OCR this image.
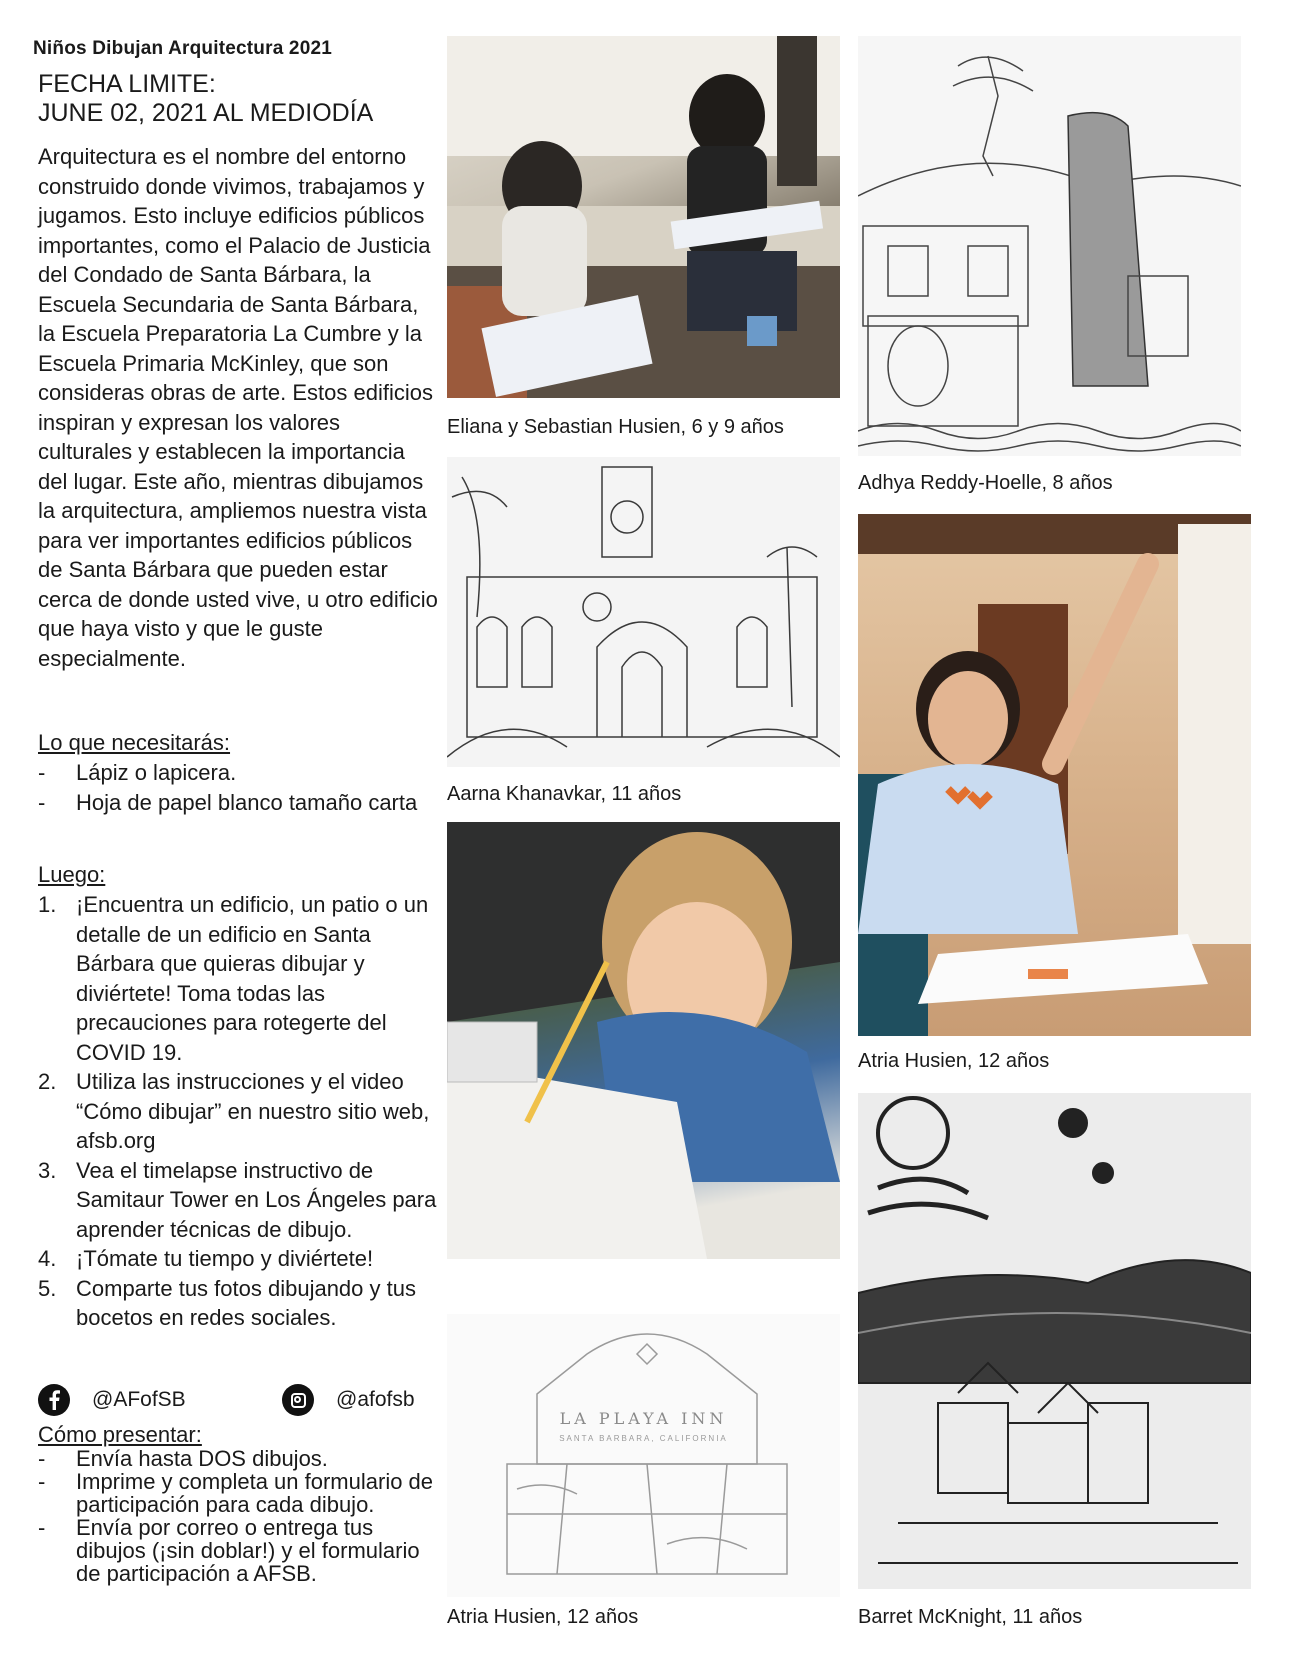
Niños Dibujan Arquitectura 2021
FECHA LIMITE:
JUNE 02, 2021 AL MEDIODÍA

Arquitectura es el nombre del entorno construido donde vivimos, trabajamos y jugamos. Esto incluye edificios públicos importantes, como el Palacio de Justicia del Condado de Santa Bárbara, la Escuela Secundaria de Santa Bárbara, la Escuela Preparatoria La Cumbre y la Escuela Primaria McKinley, que son consideras obras de arte. Estos edificios inspiran y expresan los valores culturales y establecen la importancia del lugar. Este año, mientras dibujamos la arquitectura, ampliemos nuestra vista para ver importantes edificios públicos de Santa Bárbara que pueden estar cerca de donde usted vive, u otro edificio que haya visto y que le guste especialmente.

Lo que necesitarás:
- Lápiz o lapicera.
- Hoja de papel blanco tamaño carta
Luego:
1. ¡Encuentra un edificio, un patio o un detalle de un edificio en Santa Bárbara que quieras dibujar y diviértete! Toma todas las precauciones para rotegerte del COVID 19.
2. Utiliza las instrucciones y el video “Cómo dibujar” en nuestro sitio web, afsb.org
3. Vea el timelapse instructivo de Samitaur Tower en Los Ángeles para aprender técnicas de dibujo.
4. ¡Tómate tu tiempo y diviértete!
5. Comparte tus fotos dibujando y tus bocetos en redes sociales.
@AFofSB	@afofsb
Cómo presentar:
- Envía hasta DOS dibujos.
- Imprime y completa un formulario de participación para cada dibujo.
- Envía por correo o entrega tus dibujos (¡sin doblar!) y el formulario de participación a AFSB.
Eliana y Sebastian Husien, 6 y 9 años
Adhya Reddy-Hoelle, 8 años
Aarna Khanavkar, 11 años
Atria Husien, 12 años
LA PLAYA INN
SANTA BARBARA, CALIFORNIA
Atria Husien, 12 años	Barret McKnight, 11 años
